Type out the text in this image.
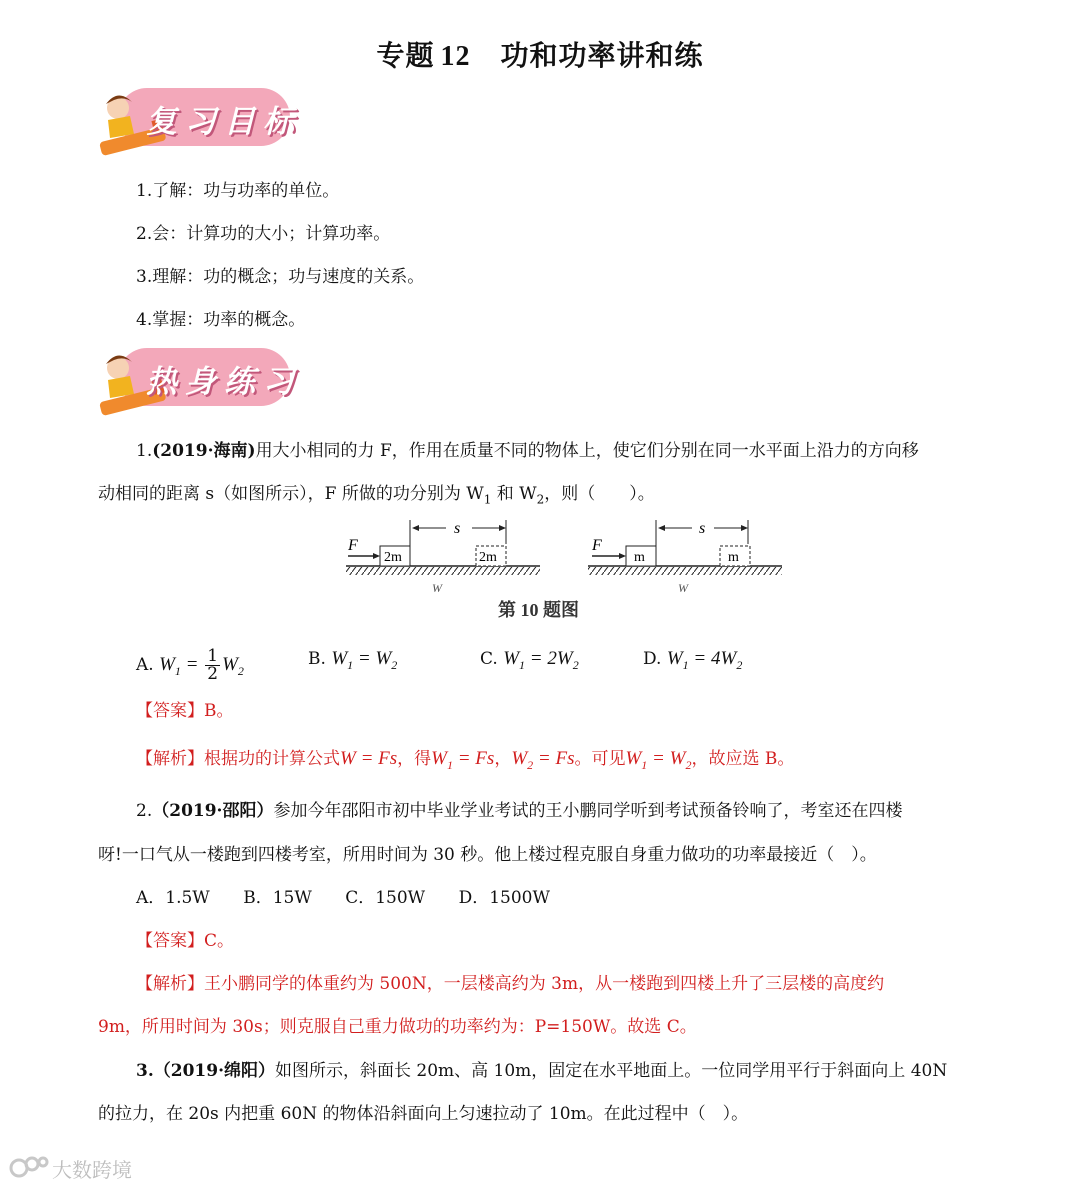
专题 12 功和功率讲和练
复习目标
1.了解：功与功率的单位。
2.会：计算功的大小；计算功率。
3.理解：功的概念；功与速度的关系。
4.掌握：功率的概念。
热身练习
1.(2019·海南)用大小相同的力 F，作用在质量不同的物体上，使它们分别在同一水平面上沿力的方向移
动相同的距离 s（如图所示），F 所做的功分别为 $W_1$ 和 $W_2$，则（　　）。
2m
F
s
2m
W
m
F
s
m
W
第 10 题图
A. $W_1 = \frac{1}{2} W_2$
B. $W_1 = W_2$	C. $W_1 = 2W_2$	D. $W_1 = 4W_2$
【答案】B。
【解析】根据功的计算公式W = Fs，得$W_1 = Fs$，$W_2 = Fs$。可见$W_1 = W_2$，故应选 B。
2.（2019·邵阳）参加今年邵阳市初中毕业学业考试的王小鹏同学听到考试预备铃响了，考室还在四楼
呀!一口气从一楼跑到四楼考室，所用时间为 30 秒。他上楼过程克服自身重力做功的功率最接近（　）。
A．1.5W B．15W C．150W D．1500W
【答案】C。
【解析】王小鹏同学的体重约为 500N，一层楼高约为 3m，从一楼跑到四楼上升了三层楼的高度约
9m，所用时间为 30s；则克服自己重力做功的功率约为：P=150W。故选 C。
3.（2019·绵阳）如图所示，斜面长 20m、高 10m，固定在水平地面上。一位同学用平行于斜面向上 40N
的拉力，在 20s 内把重 60N 的物体沿斜面向上匀速拉动了 10m。在此过程中（　）。
大数跨境
